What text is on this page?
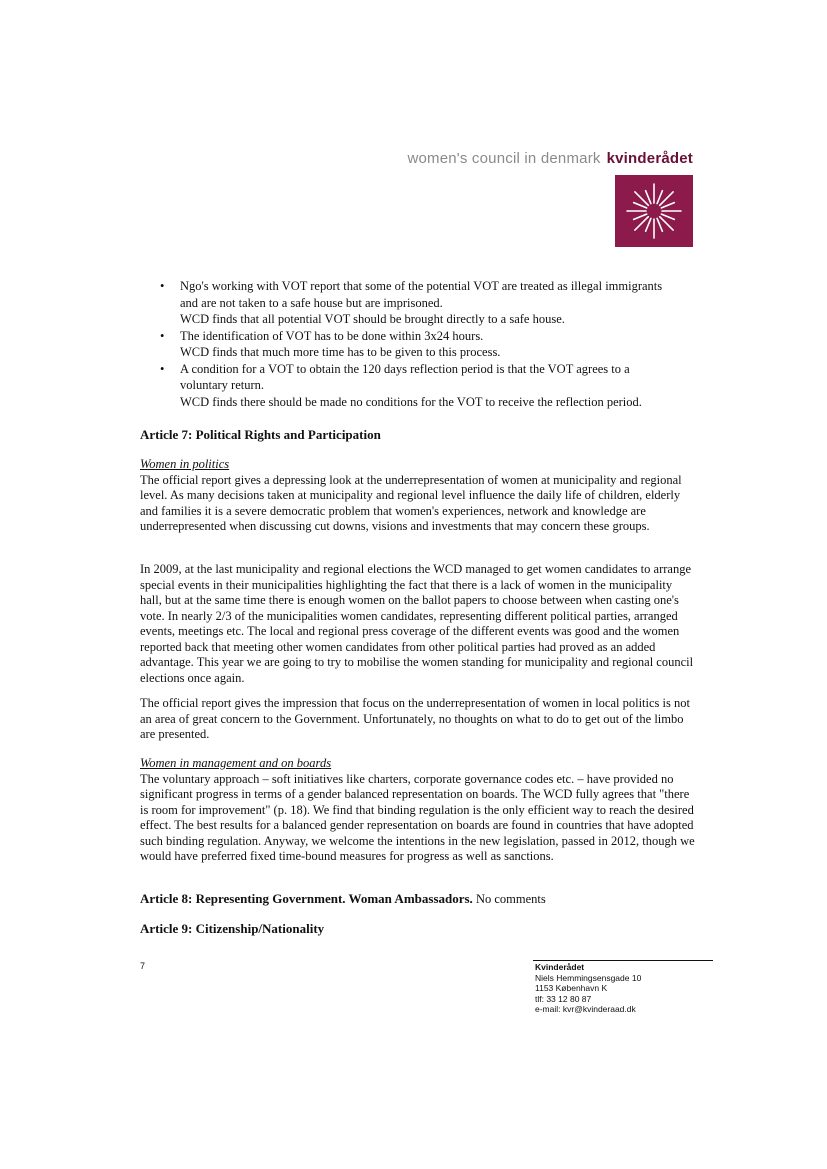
women's council in denmark kvinderådet
• Ngo's working with VOT report that some of the potential VOT are treated as illegal immigrants and are not taken to a safe house but are imprisoned.
WCD finds that all potential VOT should be brought directly to a safe house.
• The identification of VOT has to be done within 3x24 hours.
WCD finds that much more time has to be given to this process.
• A condition for a VOT to obtain the 120 days reflection period is that the VOT agrees to a voluntary return.
WCD finds there should be made no conditions for the VOT to receive the reflection period.

Article 7: Political Rights and Participation

Women in politics

The official report gives a depressing look at the underrepresentation of women at municipality and regional level. As many decisions taken at municipality and regional level influence the daily life of children, elderly and families it is a severe democratic problem that women's experiences, network and knowledge are underrepresented when discussing cut downs, visions and investments that may concern these groups.

In 2009, at the last municipality and regional elections the WCD managed to get women candidates to arrange special events in their municipalities highlighting the fact that there is a lack of women in the municipality hall, but at the same time there is enough women on the ballot papers to choose between when casting one's vote. In nearly 2/3 of the municipalities women candidates, representing different political parties, arranged events, meetings etc. The local and regional press coverage of the different events was good and the women reported back that meeting other women candidates from other political parties had proved as an added advantage. This year we are going to try to mobilise the women standing for municipality and regional council elections once again.

The official report gives the impression that focus on the underrepresentation of women in local politics is not an area of great concern to the Government. Unfortunately, no thoughts on what to do to get out of the limbo are presented.

Women in management and on boards

The voluntary approach – soft initiatives like charters, corporate governance codes etc. – have provided no significant progress in terms of a gender balanced representation on boards. The WCD fully agrees that "there is room for improvement" (p. 18). We find that binding regulation is the only efficient way to reach the desired effect. The best results for a balanced gender representation on boards are found in countries that have adopted such binding regulation. Anyway, we welcome the intentions in the new legislation, passed in 2012, though we would have preferred fixed time-bound measures for progress as well as sanctions.

Article 8: Representing Government. Woman Ambassadors. No comments

Article 9: Citizenship/Nationality

7	Kvinderådet
Niels Hemmingsensgade 10
1153 København K
tlf: 33 12 80 87
e-mail: kvr@kvinderaad.dk
